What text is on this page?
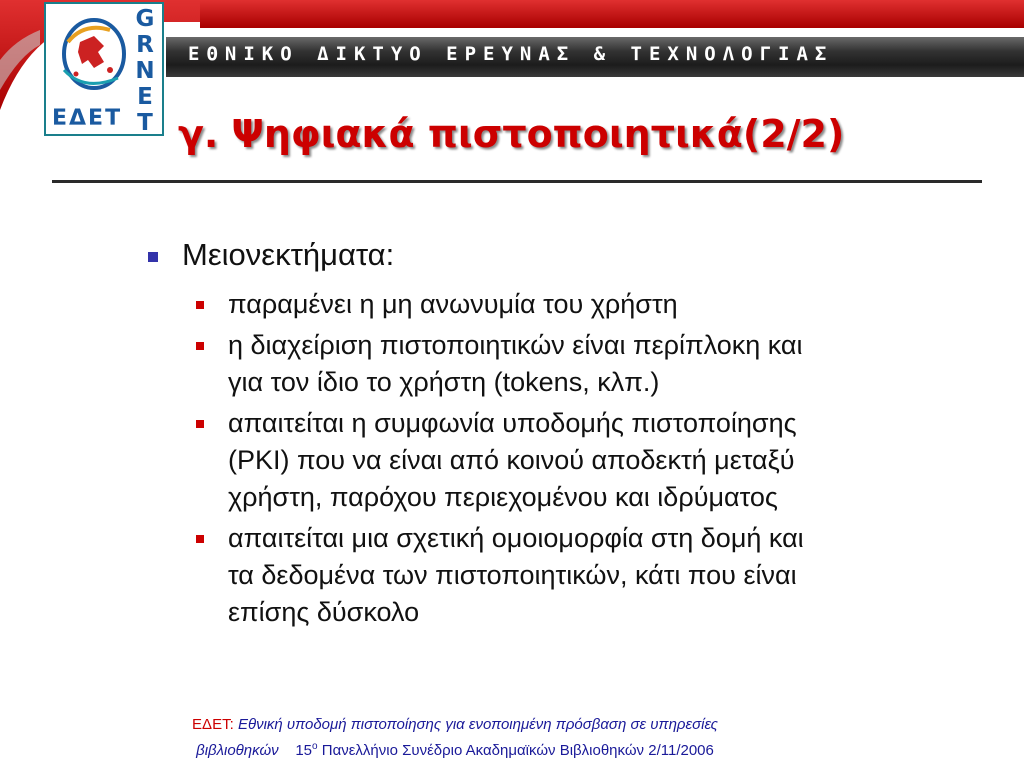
G
R
N
E
T
ΕΔΕΤ
ΕΘΝΙΚΟ ΔΙΚΤΥΟ ΕΡΕΥΝΑΣ & ΤΕΧΝΟΛΟΓΙΑΣ
γ. Ψηφιακά πιστοποιητικά(2/2)
Μειονεκτήματα:
παραμένει η μη ανωνυμία του χρήστη
η διαχείριση πιστοποιητικών είναι περίπλοκη και
για τον ίδιο το χρήστη (tokens, κλπ.)
απαιτείται η συμφωνία υποδομής πιστοποίησης
(PKI) που να είναι από κοινού αποδεκτή μεταξύ
χρήστη, παρόχου περιεχομένου και ιδρύματος
απαιτείται μια σχετική ομοιομορφία στη δομή και
τα δεδομένα των πιστοποιητικών, κάτι που είναι
επίσης δύσκολο
ΕΔΕΤ: Εθνική υποδομή πιστοποίησης για ενοποιημένη πρόσβαση σε υπηρεσίες
βιβλιοθηκών $15^o$ Πανελλήνιο Συνέδριο Ακαδημαϊκών Βιβλιοθηκών 2/11/2006
